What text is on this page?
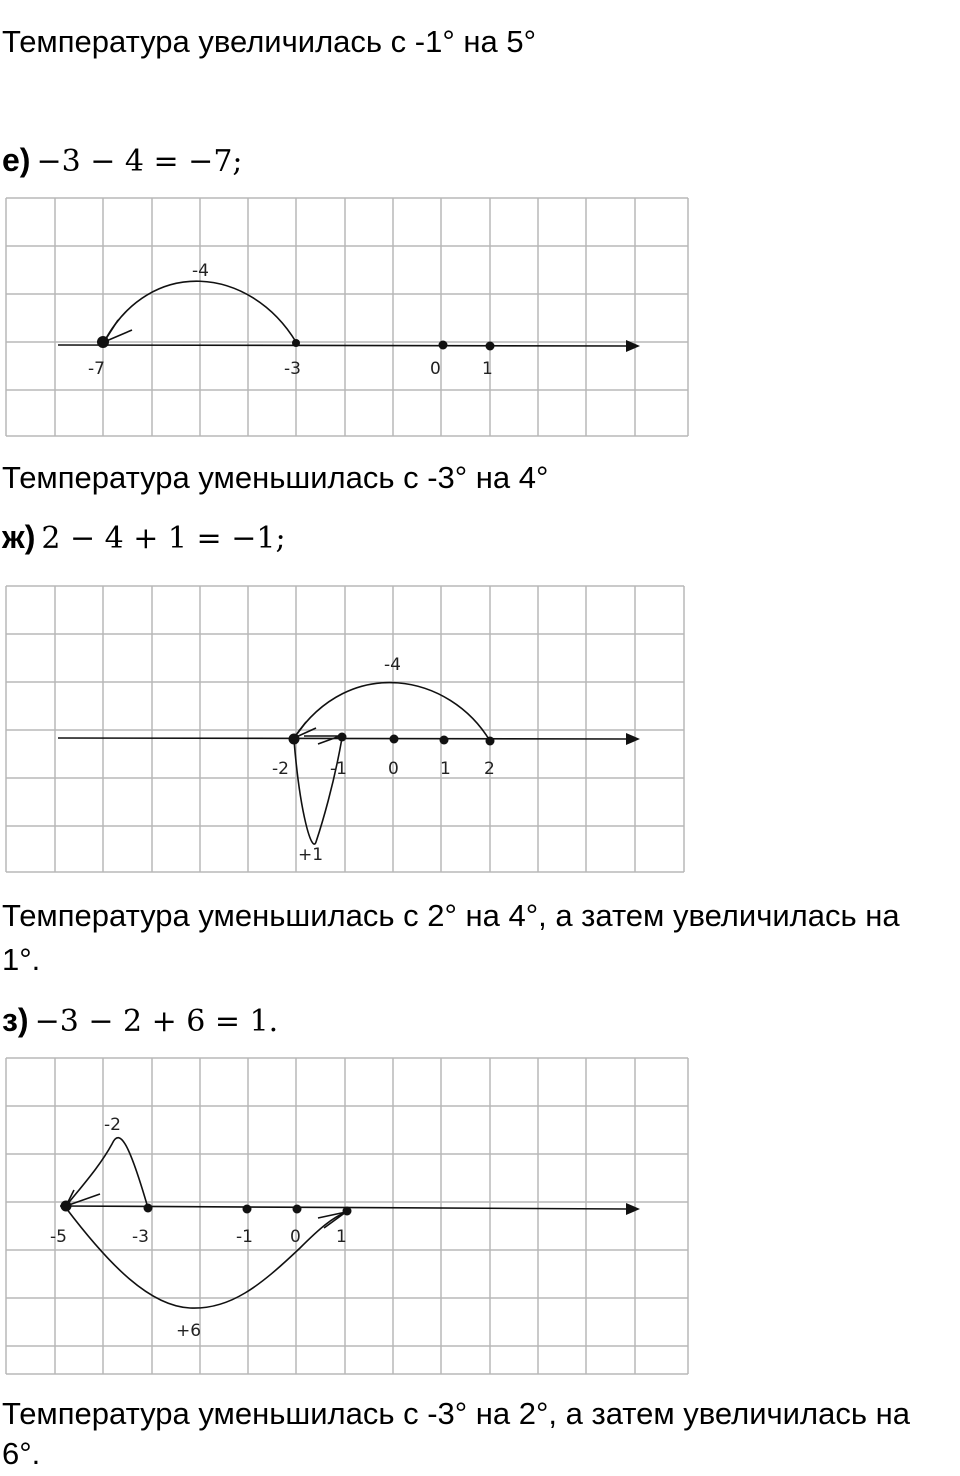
Температура увеличилась с -1° на 5°
е) −3 − 4 = −7;
-4
-7	-3	0 1
Температура уменьшилась с -3° на 4°
ж) 2 − 4 + 1 = −1;
-4
+1
-2 -1 0 1 2
Температура уменьшилась с 2° на 4°, а затем увеличилась на
1°.
з) −3 − 2 + 6 = 1.
-2
+6
-5	-3	-1 0 1
Температура уменьшилась с -3° на 2°, а затем увеличилась на
6°.
